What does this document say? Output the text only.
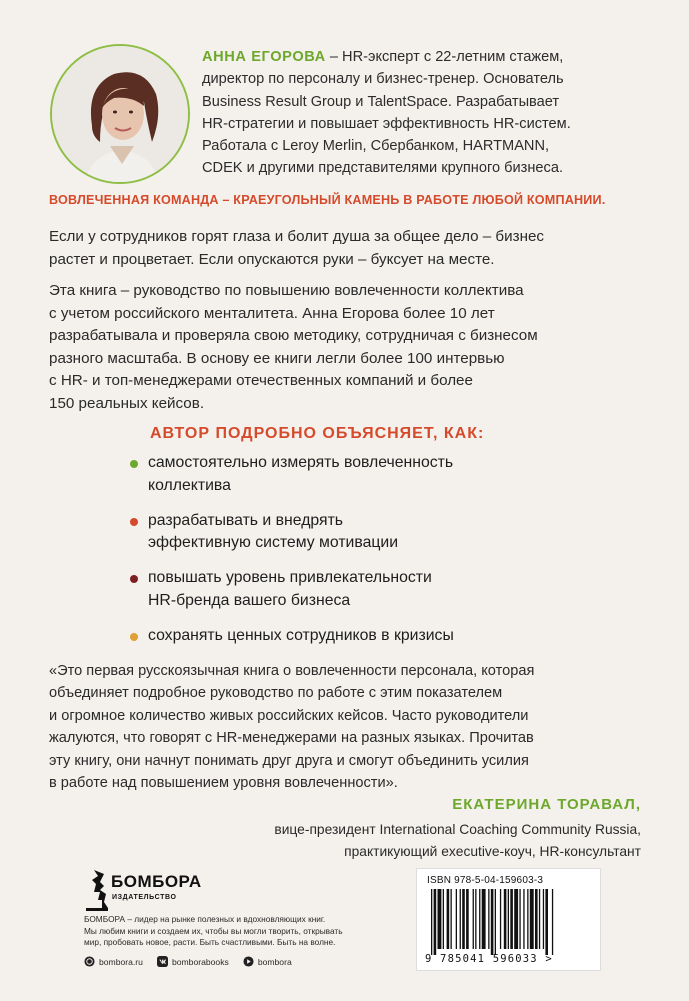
АННА ЕГОРОВА – HR-эксперт с 22-летним стажем,
директор по персоналу и бизнес-тренер. Основатель
Business Result Group и TalentSpace. Разрабатывает
HR-стратегии и повышает эффективность HR-систем.
Работала с Leroy Merlin, Сбербанком, HARTMANN,
CDEK и другими представителями крупного бизнеса.
ВОВЛЕЧЕННАЯ КОМАНДА – КРАЕУГОЛЬНЫЙ КАМЕНЬ В РАБОТЕ ЛЮБОЙ КОМПАНИИ.
Если у сотрудников горят глаза и болит душа за общее дело – бизнес
растет и процветает. Если опускаются руки – буксует на месте.
Эта книга – руководство по повышению вовлеченности коллектива
с учетом российского менталитета. Анна Егорова более 10 лет
разрабатывала и проверяла свою методику, сотрудничая с бизнесом
разного масштаба. В основу ее книги легли более 100 интервью
с HR- и топ-менеджерами отечественных компаний и более
150 реальных кейсов.
АВТОР ПОДРОБНО ОБЪЯСНЯЕТ, КАК:
самостоятельно измерять вовлеченность
коллектива
разрабатывать и внедрять
эффективную систему мотивации
повышать уровень привлекательности
HR-бренда вашего бизнеса
сохранять ценных сотрудников в кризисы
«Это первая русскоязычная книга о вовлеченности персонала, которая
объединяет подробное руководство по работе с этим показателем
и огромное количество живых российских кейсов. Часто руководители
жалуются, что говорят с HR-менеджерами на разных языках. Прочитав
эту книгу, они начнут понимать друг друга и смогут объединить усилия
в работе над повышением уровня вовлеченности».
ЕКАТЕРИНА ТОРАВАЛ,
вице-президент International Coaching Community Russia,
практикующий executive-коуч, HR-консультант
БОМБОРА
ИЗДАТЕЛЬСТВО
БОМБОРА – лидер на рынке полезных и вдохновляющих книг.
Мы любим книги и создаем их, чтобы вы могли творить, открывать
мир, пробовать новое, расти. Быть счастливыми. Быть на волне.
bombora.ru	bomborabooks	bombora
ISBN 978-5-04-159603-3
9 785041 596033 >
